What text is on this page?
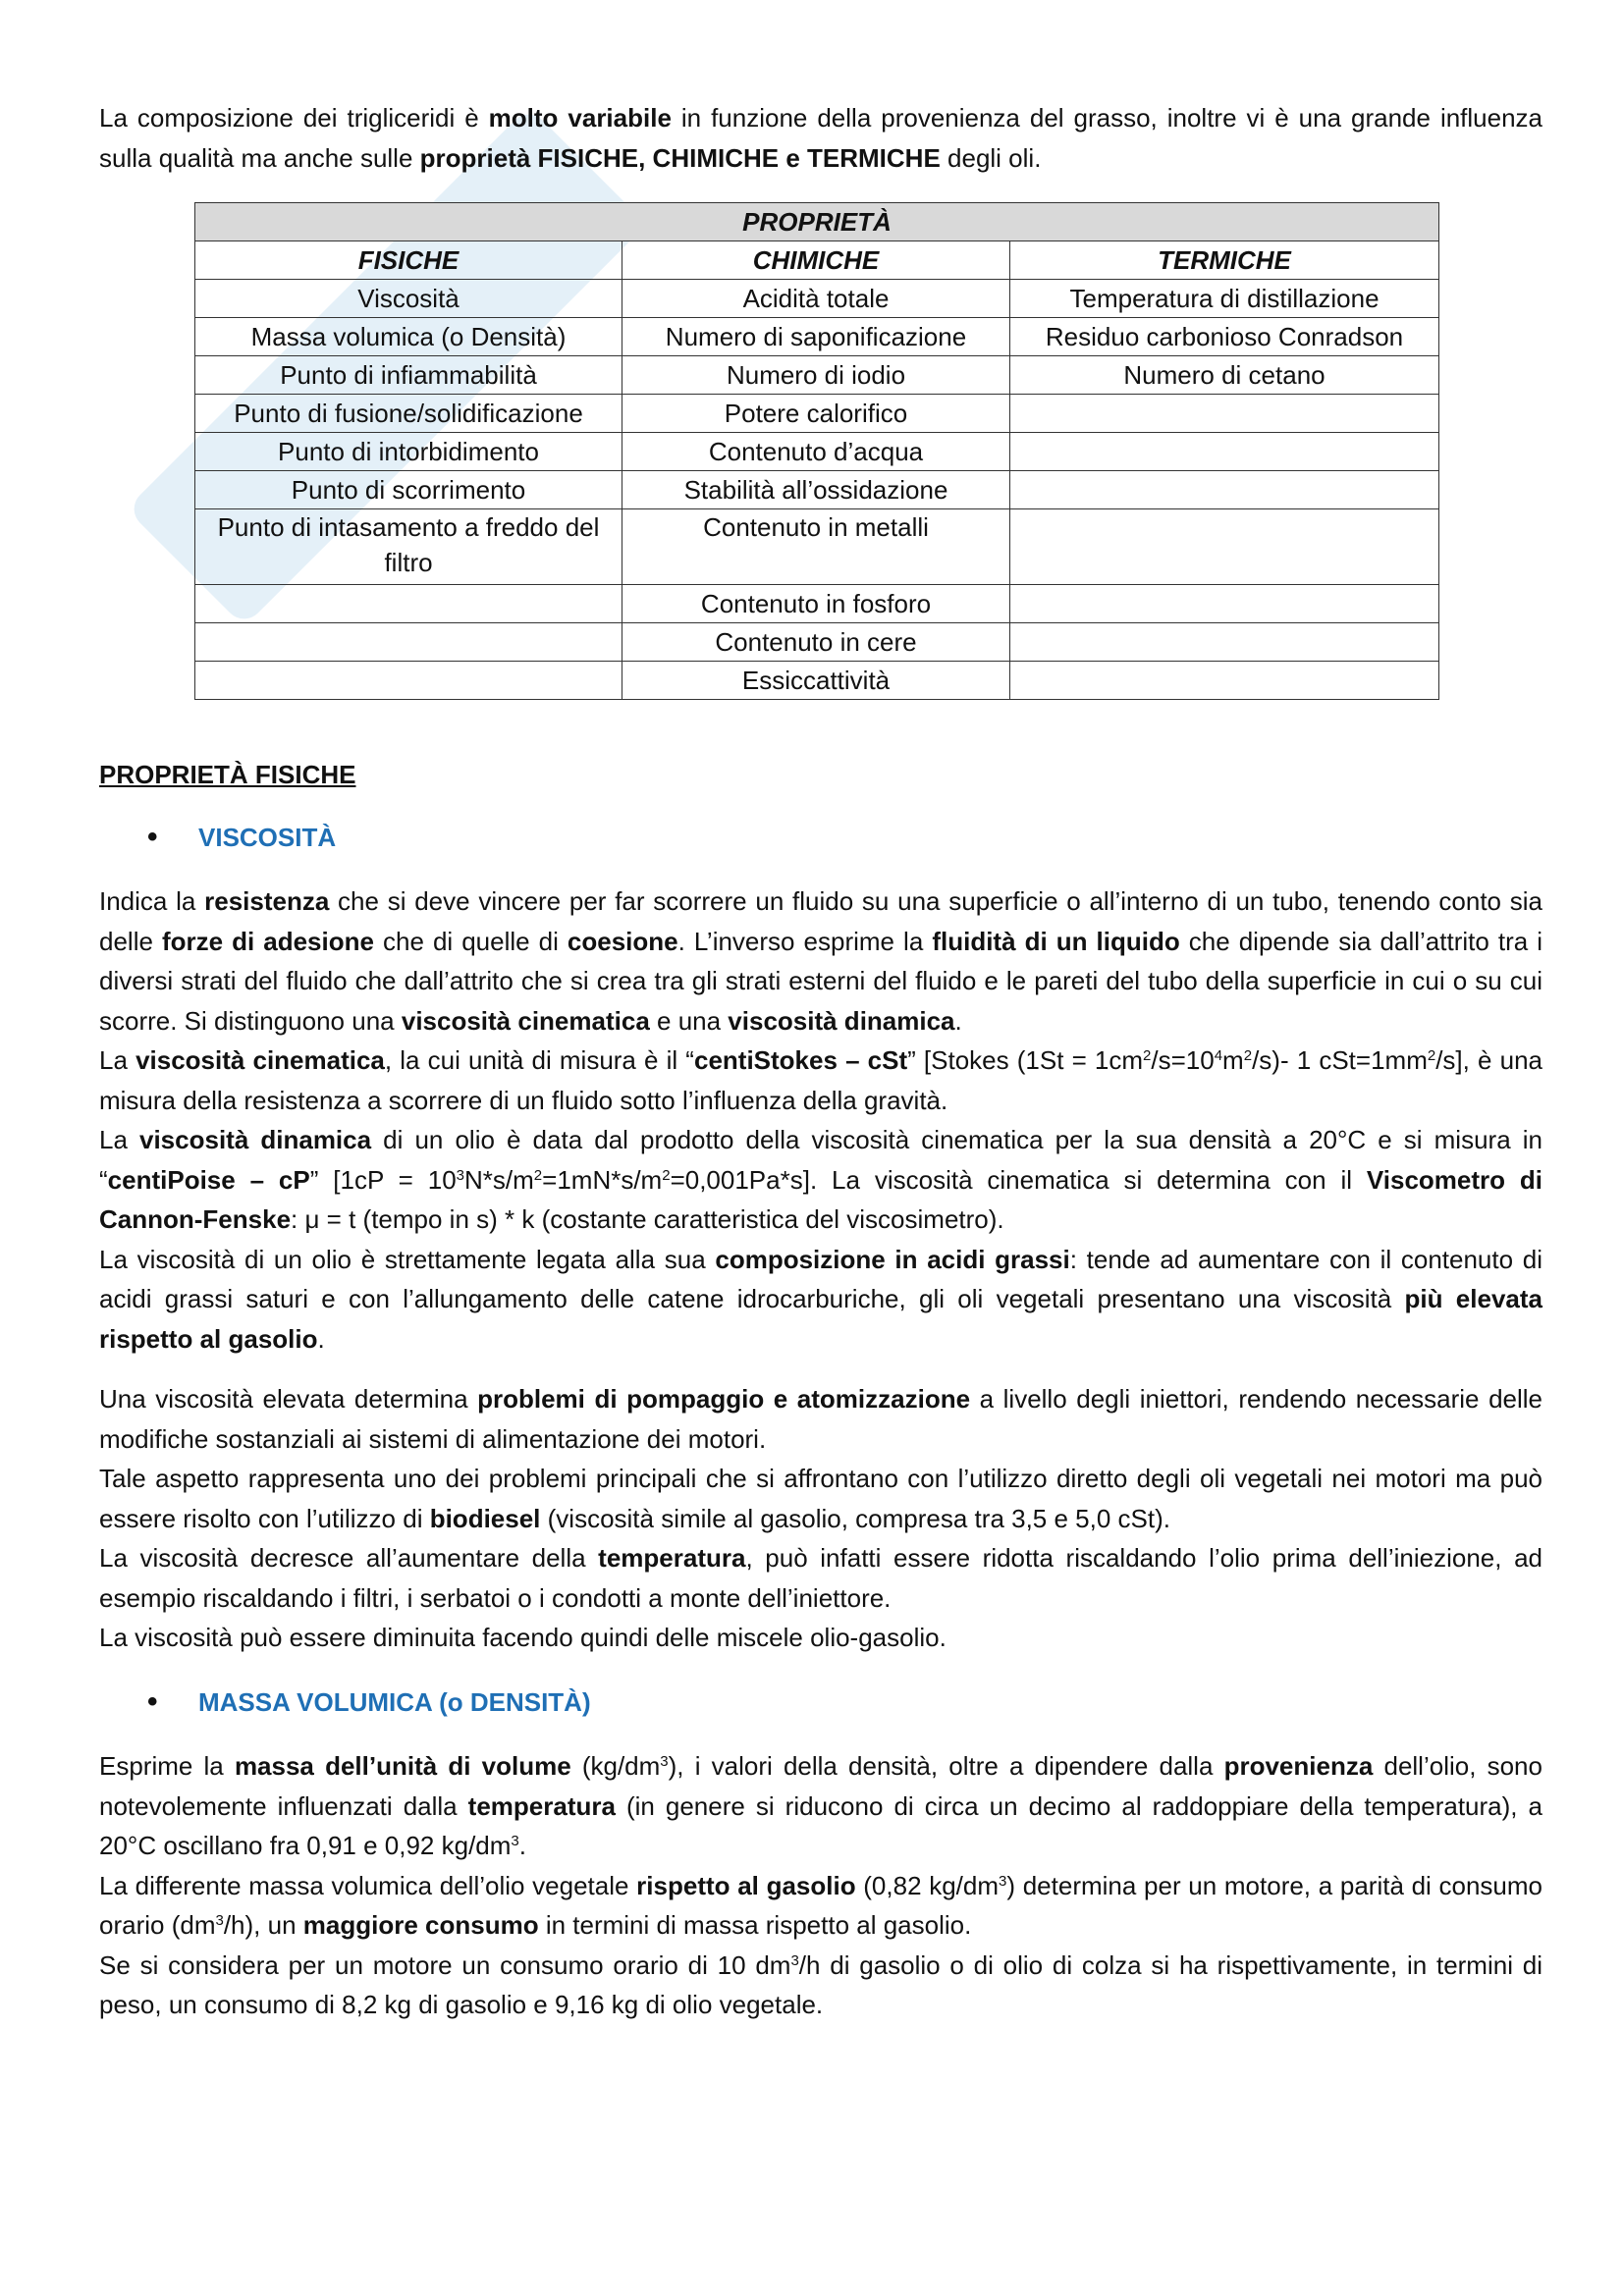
La composizione dei trigliceridi è molto variabile in funzione della provenienza del grasso, inoltre vi è una grande influenza sulla qualità ma anche sulle proprietà FISICHE, CHIMICHE e TERMICHE degli oli.

PROPRIETÀ		
FISICHE	CHIMICHE	TERMICHE
Viscosità	Acidità totale	Temperatura di distillazione
Massa volumica (o Densità)	Numero di saponificazione	Residuo carbonioso Conradson
Punto di infiammabilità	Numero di iodio	Numero di cetano
Punto di fusione/solidificazione	Potere calorifico	
Punto di intorbidimento	Contenuto d’acqua	
Punto di scorrimento	Stabilità all’ossidazione	
Punto di intasamento a freddo del filtro	Contenuto in metalli	
	Contenuto in fosforo	
	Contenuto in cere	
	Essiccattività	
PROPRIETÀ FISICHE
• VISCOSITÀ

Indica la resistenza che si deve vincere per far scorrere un fluido su una superficie o all’interno di un tubo, tenendo conto sia delle forze di adesione che di quelle di coesione. L’inverso esprime la fluidità di un liquido che dipende sia dall’attrito tra i diversi strati del fluido che dall’attrito che si crea tra gli strati esterni del fluido e le pareti del tubo della superficie in cui o su cui scorre. Si distinguono una viscosità cinematica e una viscosità dinamica.

La viscosità cinematica, la cui unità di misura è il “centiStokes – cSt” [Stokes $(1St = 1cm^2/s=10^4m^2/s)-$ 1 $cSt=1mm^2/s$], è una misura della resistenza a scorrere di un fluido sotto l’influenza della gravità.

La viscosità dinamica di un olio è data dal prodotto della viscosità cinematica per la sua densità a 20°C e si misura in “centiPoise – cP” $[1cP = 10^3N*s/m^2=1mN*s/m^2=0,001Pa*s]$. La viscosità cinematica si determina con il Viscometro di Cannon-Fenske: μ = t (tempo in s) * k (costante caratteristica del viscosimetro).

La viscosità di un olio è strettamente legata alla sua composizione in acidi grassi: tende ad aumentare con il contenuto di acidi grassi saturi e con l’allungamento delle catene idrocarburiche, gli oli vegetali presentano una viscosità più elevata rispetto al gasolio.

Una viscosità elevata determina problemi di pompaggio e atomizzazione a livello degli iniettori, rendendo necessarie delle modifiche sostanziali ai sistemi di alimentazione dei motori.

Tale aspetto rappresenta uno dei problemi principali che si affrontano con l’utilizzo diretto degli oli vegetali nei motori ma può essere risolto con l’utilizzo di biodiesel (viscosità simile al gasolio, compresa tra 3,5 e 5,0 cSt).

La viscosità decresce all’aumentare della temperatura, può infatti essere ridotta riscaldando l’olio prima dell’iniezione, ad esempio riscaldando i filtri, i serbatoi o i condotti a monte dell’iniettore.

La viscosità può essere diminuita facendo quindi delle miscele olio-gasolio.

• MASSA VOLUMICA (o DENSITÀ)

Esprime la massa dell’unità di volume $(kg/dm^3)$, i valori della densità, oltre a dipendere dalla provenienza dell’olio, sono notevolemente influenzati dalla temperatura (in genere si riducono di circa un decimo al raddoppiare della temperatura), a 20°C oscillano fra 0,91 e 0,92 $kg/dm^3$.

La differente massa volumica dell’olio vegetale rispetto al gasolio (0,82 $kg/dm^3$) determina per un motore, a parità di consumo orario $(dm^3/h)$, un maggiore consumo in termini di massa rispetto al gasolio.

Se si considera per un motore un consumo orario di 10 $dm^3/h$ di gasolio o di olio di colza si ha rispettivamente, in termini di peso, un consumo di 8,2 kg di gasolio e 9,16 kg di olio vegetale.
